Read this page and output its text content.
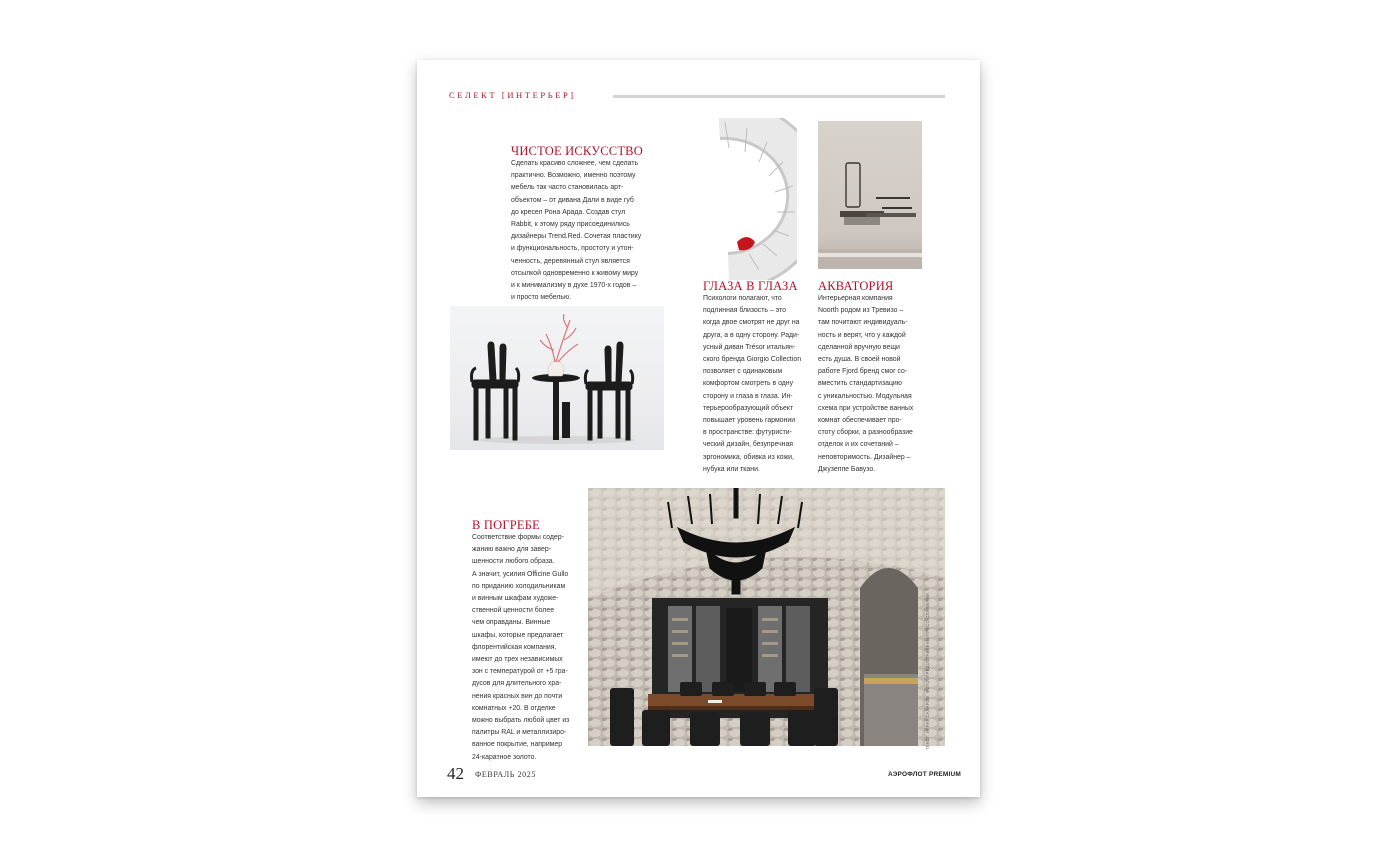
СЕЛЕКТ [ИНТЕРЬЕР]
ЧИСТОЕ ИСКУССТВО
Сделать красиво сложнее, чем сделать
практично. Возможно, именно поэтому
мебель так часто становилась арт-
объектом – от дивана Дали в виде губ
до кресел Рона Арада. Создав стул
Rabbit, к этому ряду присоединились
дизайнеры Trend.Red. Сочетая пластику
и функциональность, простоту и утон-
ченность, деревянный стул является
отсылкой одновременно к живому миру
и к минимализму в духе 1970-х годов –
и просто мебелью.
ГЛАЗА В ГЛАЗА
Психологи полагают, что
подлинная близость – это
когда двое смотрят не друг на
друга, а в одну сторону. Ради-
усный диван Trésor итальян-
ского бренда Giorgio Collection
позволяет с одинаковым
комфортом смотреть в одну
сторону и глаза в глаза. Ин-
терьерообразующий объект
повышает уровень гармонии
в пространстве: футуристи-
ческий дизайн, безупречная
эргономика, обивка из кожи,
нубука или ткани.
АКВАТОРИЯ
Интерьерная компания
Noorth родом из Тревизо –
там почитают индивидуаль-
ность и верят, что у каждой
сделанной вручную вещи
есть душа. В своей новой
работе Fjord бренд смог со-
вместить стандартизацию
с уникальностью. Модульная
схема при устройстве ванных
комнат обеспечивает про-
стоту сборки, а разнообразие
отделок и их сочетаний –
неповторимость. Дизайнер –
Джузеппе Бавузо.
В ПОГРЕБЕ
Соответствие формы содер-
жанию важно для завер-
шенности любого образа.
А значит, усилия Officine Gullo
по приданию холодильникам
и винным шкафам художе-
ственной ценности более
чем оправданы. Винные
шкафы, которые предлагает
флорентийская компания,
имеют до трех независимых
зон с температурой от +5 гра-
дусов для длительного хра-
нения красных вин до почти
комнатных +20. В отделке
можно выбрать любой цвет из
палитры RAL и металлизиро-
ванное покрытие, например
24-каратное золото.
ТЕКСТ: ИГНАТ САХАРОВ. ФОТО: ПРЕДОСТАВЛЕНЫ ПРЕСС-СЛУЖБАМИ
42 ФЕВРАЛЬ 2025	АЭРОФЛОТ PREMIUM
